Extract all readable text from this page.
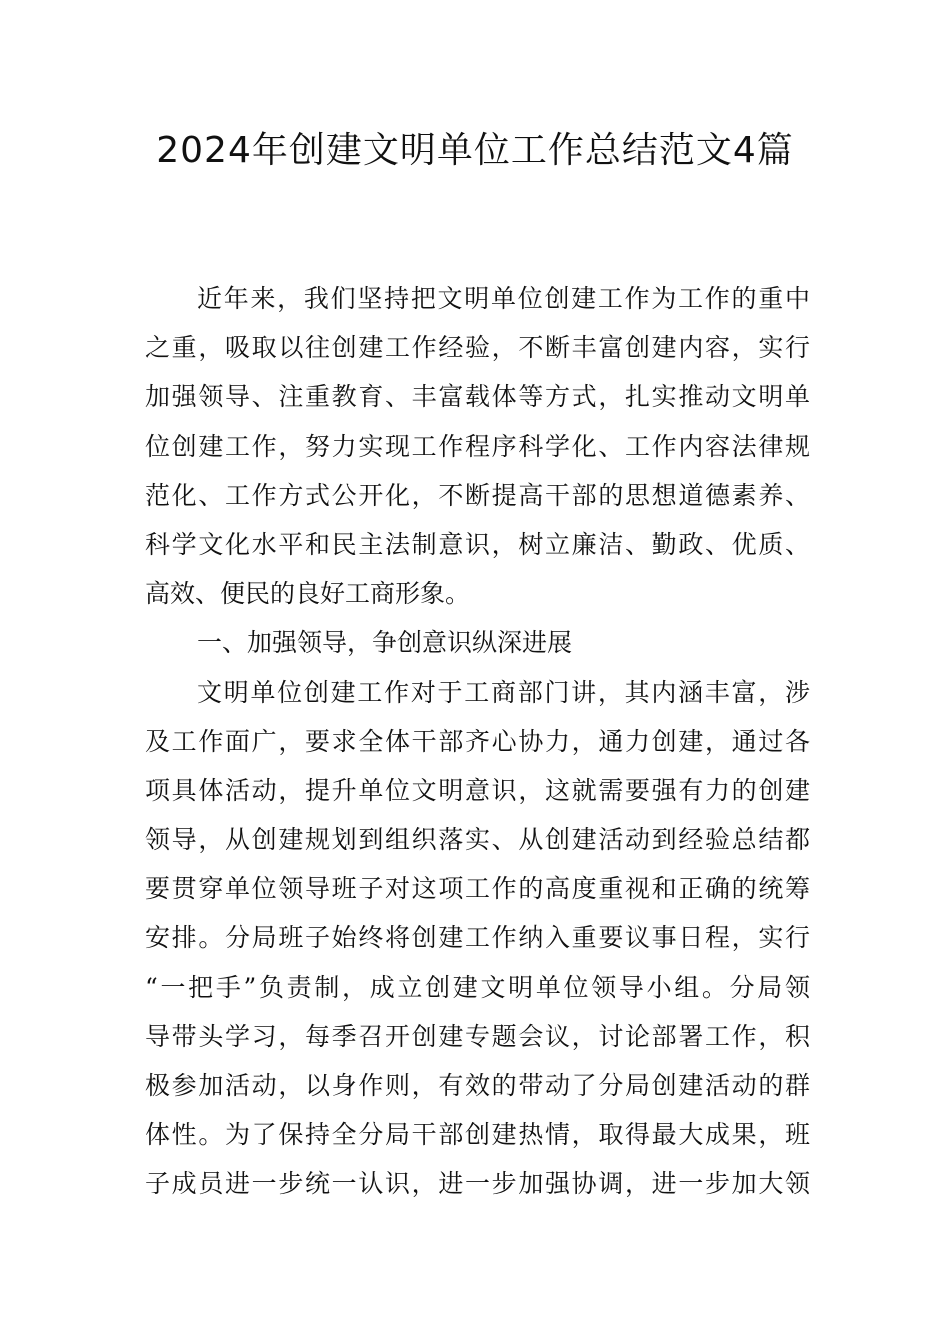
2024年创建文明单位工作总结范文4篇
近年来，我们坚持把文明单位创建工作为工作的重中
之重，吸取以往创建工作经验，不断丰富创建内容，实行
加强领导、注重教育、丰富载体等方式，扎实推动文明单
位创建工作，努力实现工作程序科学化、工作内容法律规
范化、工作方式公开化，不断提高干部的思想道德素养、
科学文化水平和民主法制意识，树立廉洁、勤政、优质、
高效、便民的良好工商形象。
一、加强领导，争创意识纵深进展
文明单位创建工作对于工商部门讲，其内涵丰富，涉
及工作面广，要求全体干部齐心协力，通力创建，通过各
项具体活动，提升单位文明意识，这就需要强有力的创建
领导，从创建规划到组织落实、从创建活动到经验总结都
要贯穿单位领导班子对这项工作的高度重视和正确的统筹
安排。分局班子始终将创建工作纳入重要议事日程，实行
“一把手”负责制，成立创建文明单位领导小组。分局领
导带头学习，每季召开创建专题会议，讨论部署工作，积
极参加活动，以身作则，有效的带动了分局创建活动的群
体性。为了保持全分局干部创建热情，取得最大成果，班
子成员进一步统一认识，进一步加强协调，进一步加大领
